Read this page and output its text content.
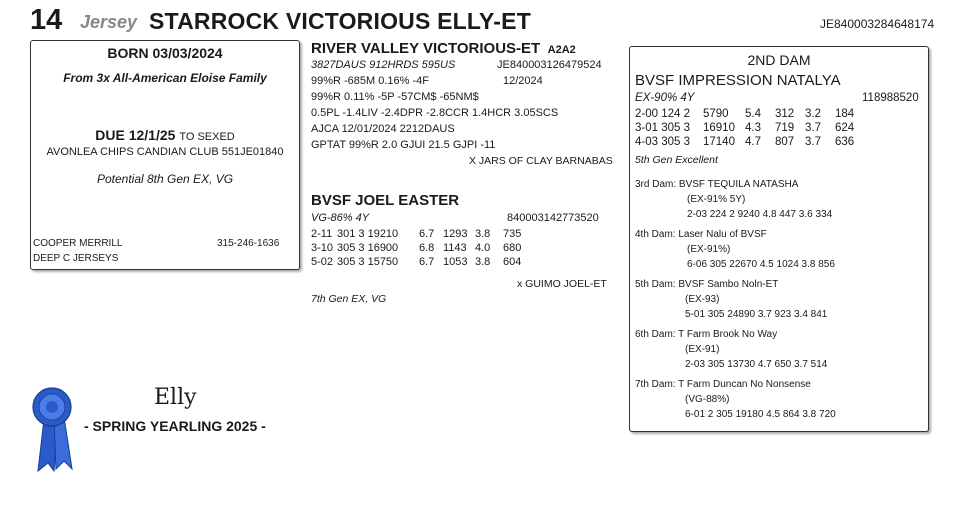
14 Jersey STARROCK VICTORIOUS ELLY-ET	JE840003284648174
BORN 03/03/2024
From 3x All-American Eloise Family
DUE 12/1/25 TO SEXED
AVONLEA CHIPS CANDIAN CLUB 551JE01840
Potential 8th Gen EX, VG
COOPER MERRILL	315-246-1636
DEEP C JERSEYS
RIVER VALLEY VICTORIOUS-ET A2A2
3827DAUS 912HRDS 595US	JE840003126479524
99%R -685M 0.16% -4F	12/2024
99%R 0.11% -5P -57CM$ -65NM$
0.5PL -1.4LIV -2.4DPR -2.8CCR 1.4HCR 3.05SCS
AJCA 12/01/2024 2212DAUS
GPTAT 99%R 2.0 GJUI 21.5 GJPI -11
X JARS OF CLAY BARNABAS
BVSF JOEL EASTER
VG-86% 4Y	840003142773520
2-11 301 3 19210 6.7 1293 3.8 735
3-10 305 3 16900 6.8 1143 4.0 680
5-02 305 3 15750 6.7 1053 3.8 604
x GUIMO JOEL-ET
7th Gen EX, VG
2ND DAM
BVSF IMPRESSION NATALYA
EX-90% 4Y	118988520
2-00 124 2 5790 5.4 312 3.2 184
3-01 305 3 16910 4.3 719 3.7 624
4-03 305 3 17140 4.7 807 3.7 636
5th Gen Excellent
3rd Dam: BVSF TEQUILA NATASHA
(EX-91% 5Y)
2-03 224 2 9240 4.8 447 3.6 334
4th Dam: Laser Nalu of BVSF
(EX-91%)
6-06 305 22670 4.5 1024 3.8 856
5th Dam: BVSF Sambo Noln-ET
(EX-93)
5-01 305 24890 3.7 923 3.4 841
6th Dam: T Farm Brook No Way
(EX-91)
2-03 305 13730 4.7 650 3.7 514
7th Dam: T Farm Duncan No Nonsense
(VG-88%)
6-01 2 305 19180 4.5 864 3.8 720
Elly
- SPRING YEARLING 2025 -
